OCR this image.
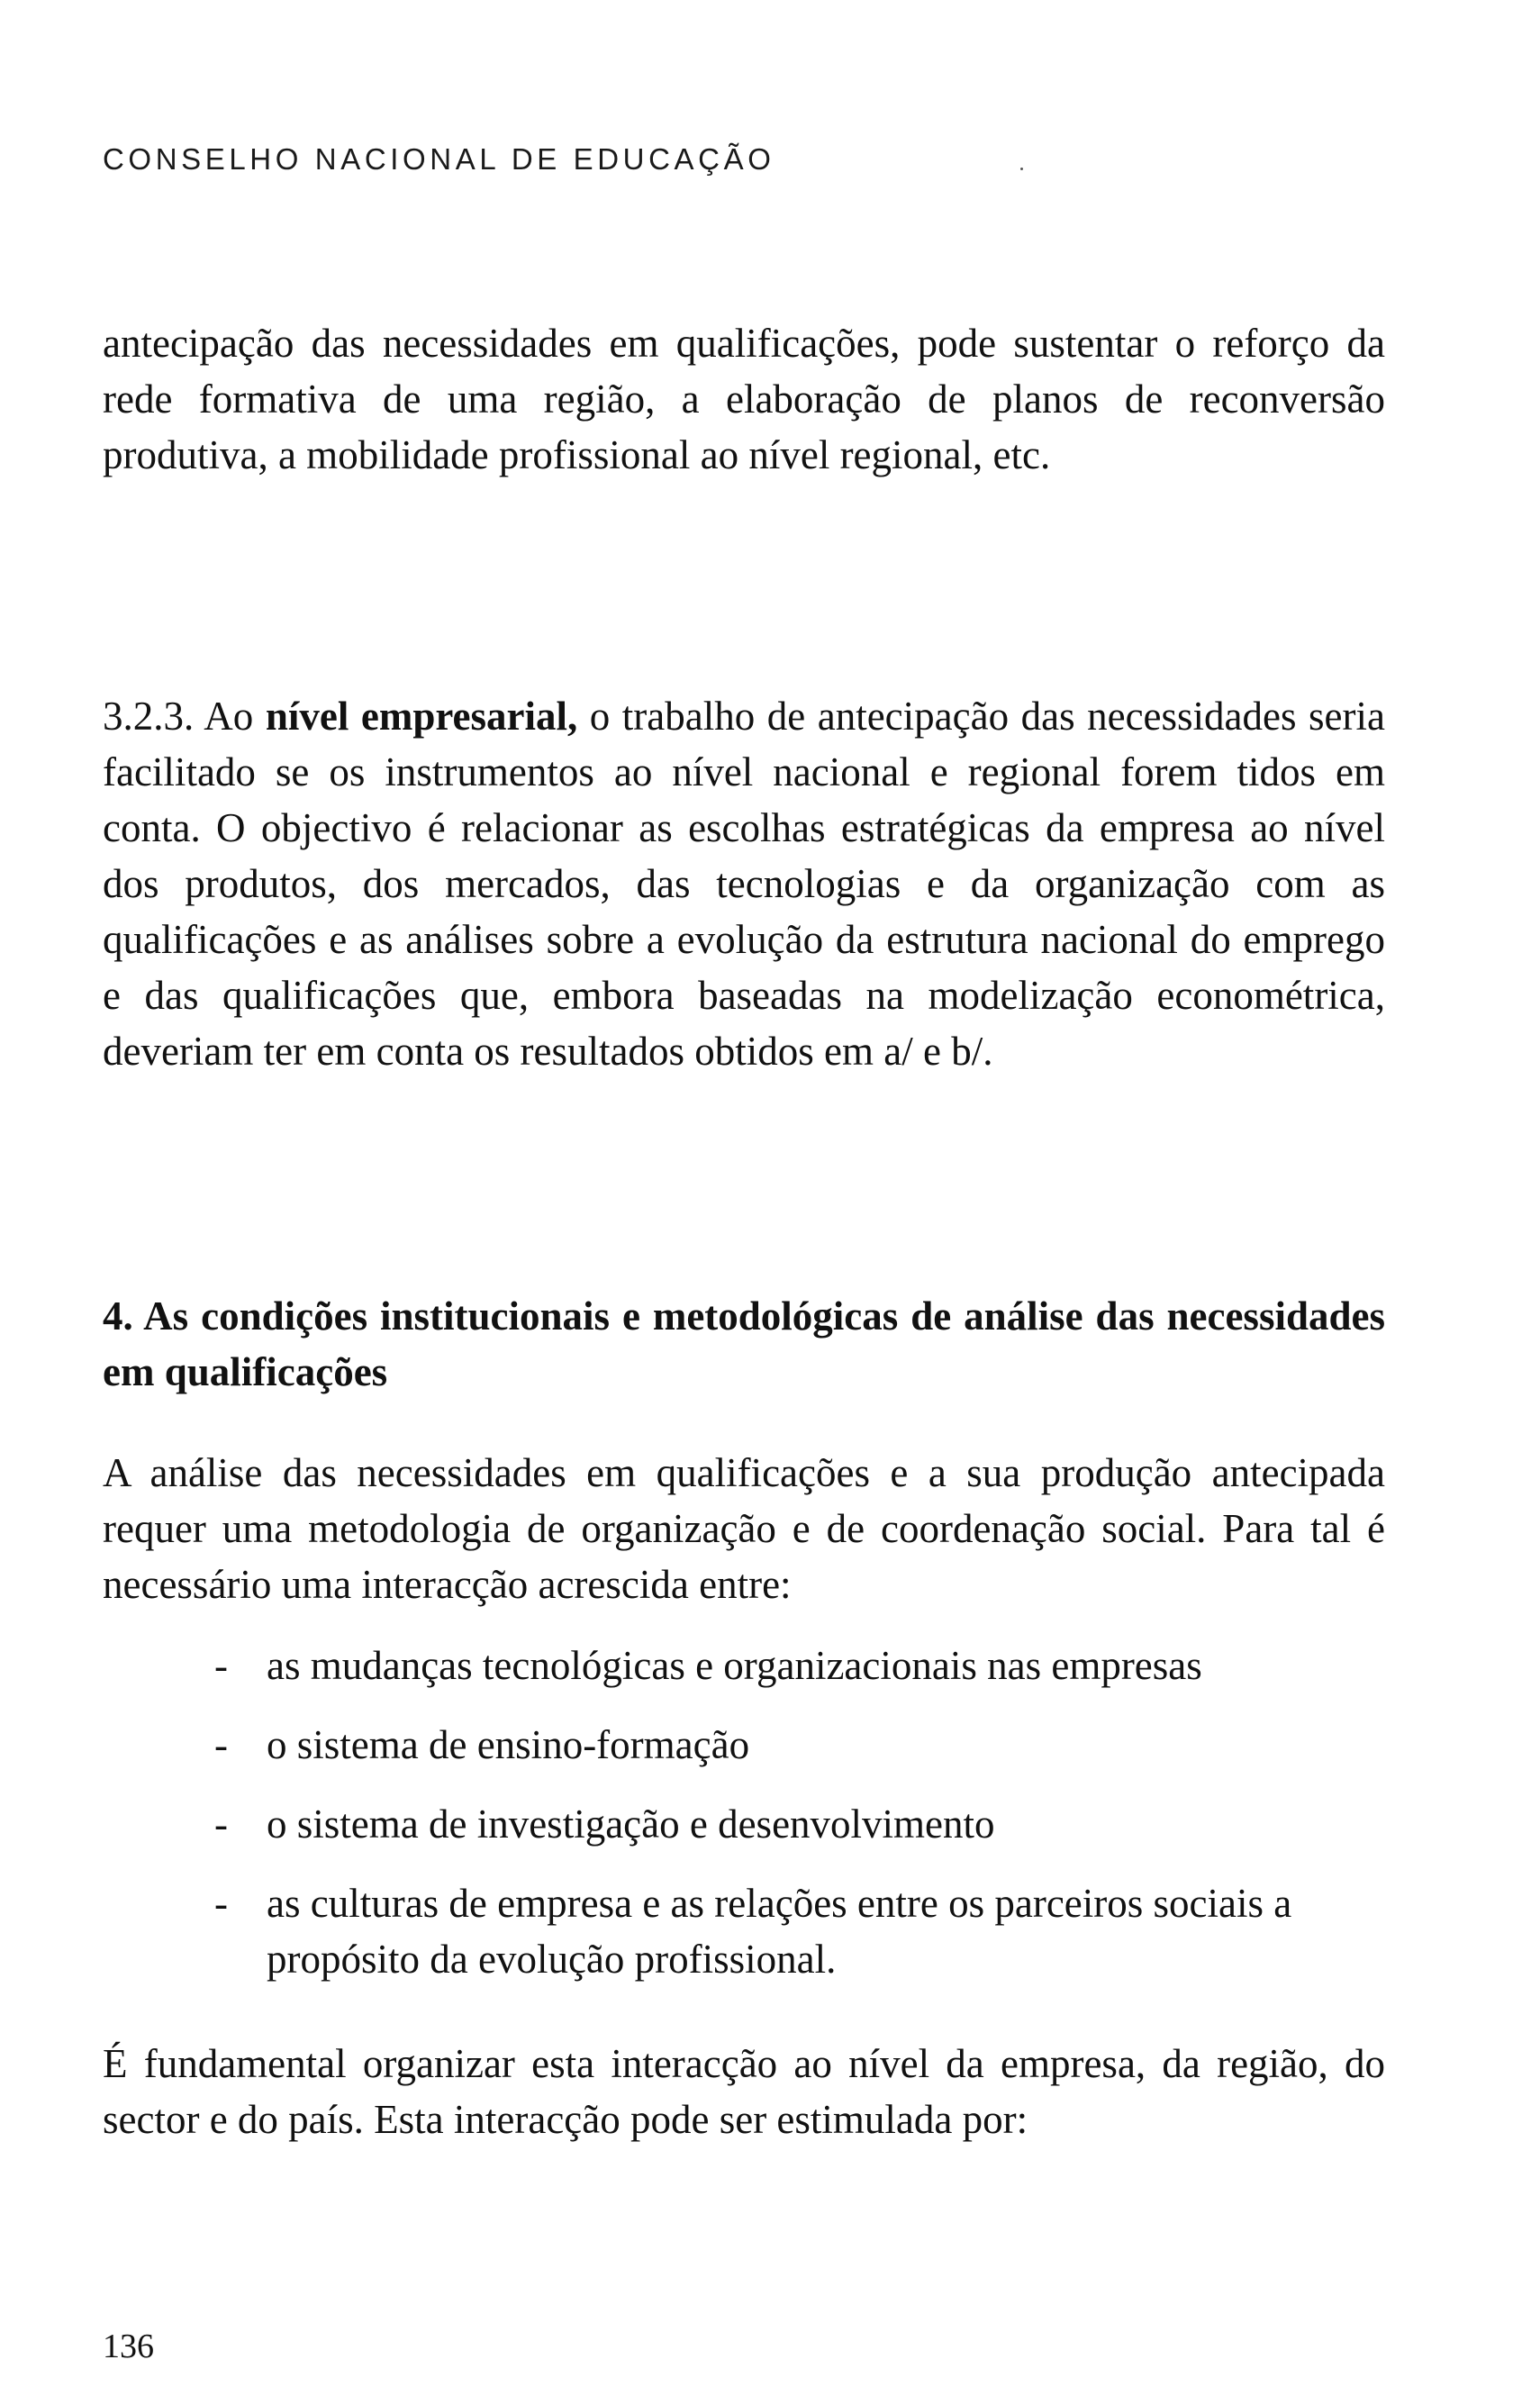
CONSELHO NACIONAL DE EDUCAÇÃO

antecipação das necessidades em qualificações, pode sustentar o reforço da rede formativa de uma região, a elaboração de planos de reconversão produtiva, a mobilidade profissional ao nível regional, etc.

3.2.3. Ao nível empresarial, o trabalho de antecipação das necessidades seria facilitado se os instrumentos ao nível nacional e regional forem tidos em conta. O objectivo é relacionar as escolhas estratégicas da empresa ao nível dos produtos, dos mercados, das tecnologias e da organização com as qualificações e as análises sobre a evolução da estrutura nacional do emprego e das qualificações que, embora baseadas na modelização econométrica, deveriam ter em conta os resultados obtidos em a/ e b/.

4. As condições institucionais e metodológicas de análise das necessidades em qualificações

A análise das necessidades em qualificações e a sua produção antecipada requer uma metodologia de organização e de coordenação social. Para tal é necessário uma interacção acrescida entre:

- as mudanças tecnológicas e organizacionais nas empresas
- o sistema de ensino-formação
- o sistema de investigação e desenvolvimento
- as culturas de empresa e as relações entre os parceiros sociais a propósito da evolução profissional.

É fundamental organizar esta interacção ao nível da empresa, da região, do sector e do país. Esta interacção pode ser estimulada por:

136
